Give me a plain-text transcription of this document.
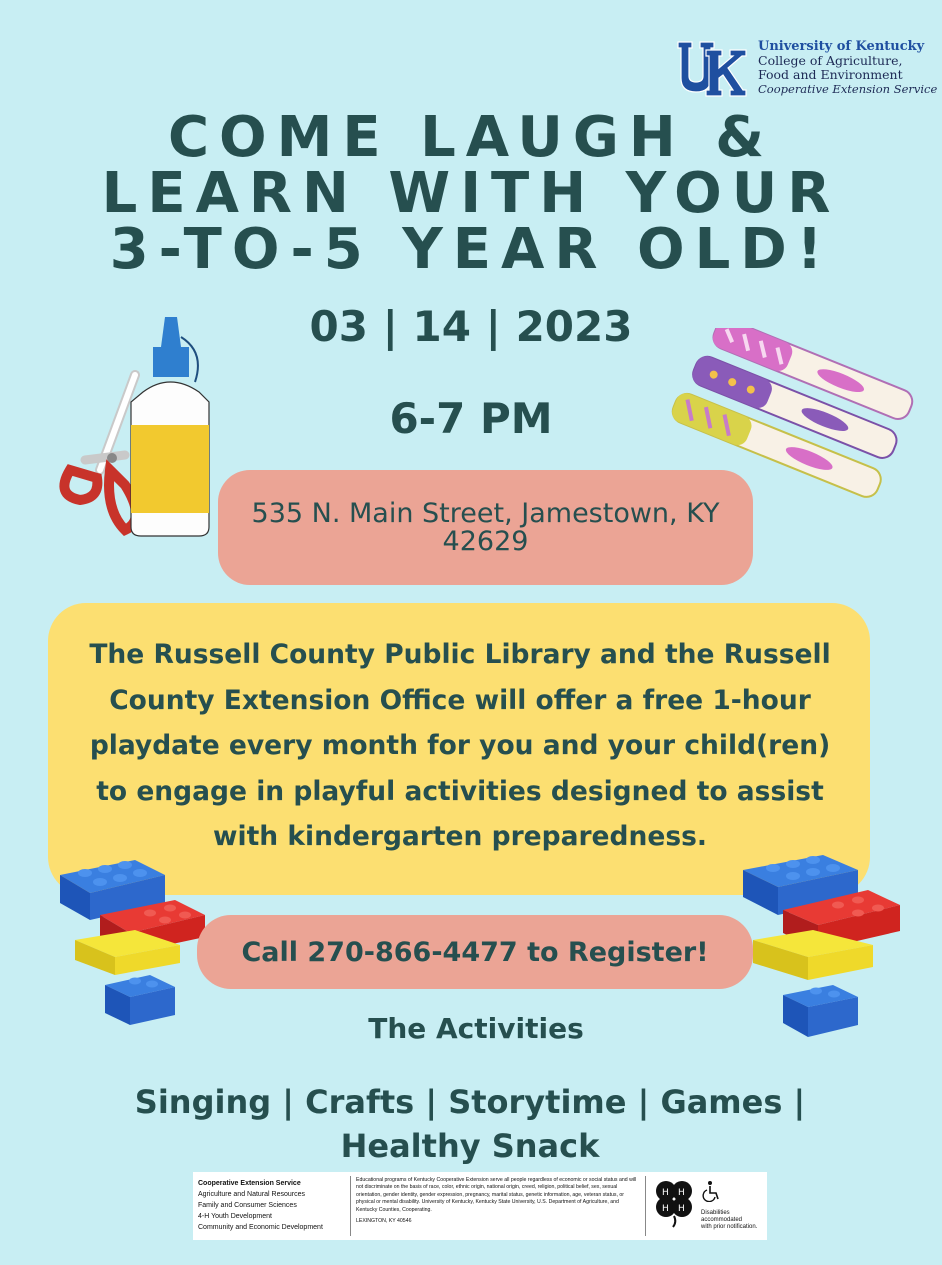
University of Kentucky
College of Agriculture,
Food and Environment
Cooperative Extension Service
COME LAUGH &
LEARN WITH YOUR
3-TO-5 YEAR OLD!
03 | 14 | 2023
6-7 PM
535 N. Main Street, Jamestown, KY
42629
The Russell County Public Library and the Russell County Extension Office will offer a free 1-hour playdate every month for you and your child(ren) to engage in playful activities designed to assist with kindergarten preparedness.
Call 270-866-4477 to Register!
The Activities
Singing | Crafts | Storytime | Games |
Healthy Snack
Cooperative Extension Service
Agriculture and Natural Resources
Family and Consumer Sciences
4-H Youth Development
Community and Economic Development
Educational programs of Kentucky Cooperative Extension serve all people regardless of economic or social status and will not discriminate on the basis of race, color, ethnic origin, national origin, creed, religion, political belief, sex, sexual orientation, gender identity, gender expression, pregnancy, marital status, genetic information, age, veteran status, or physical or mental disability. University of Kentucky, Kentucky State University, U.S. Department of Agriculture, and Kentucky Counties, Cooperating.
LEXINGTON, KY 40546
H H
H H	Disabilities
accommodated
with prior notification.
